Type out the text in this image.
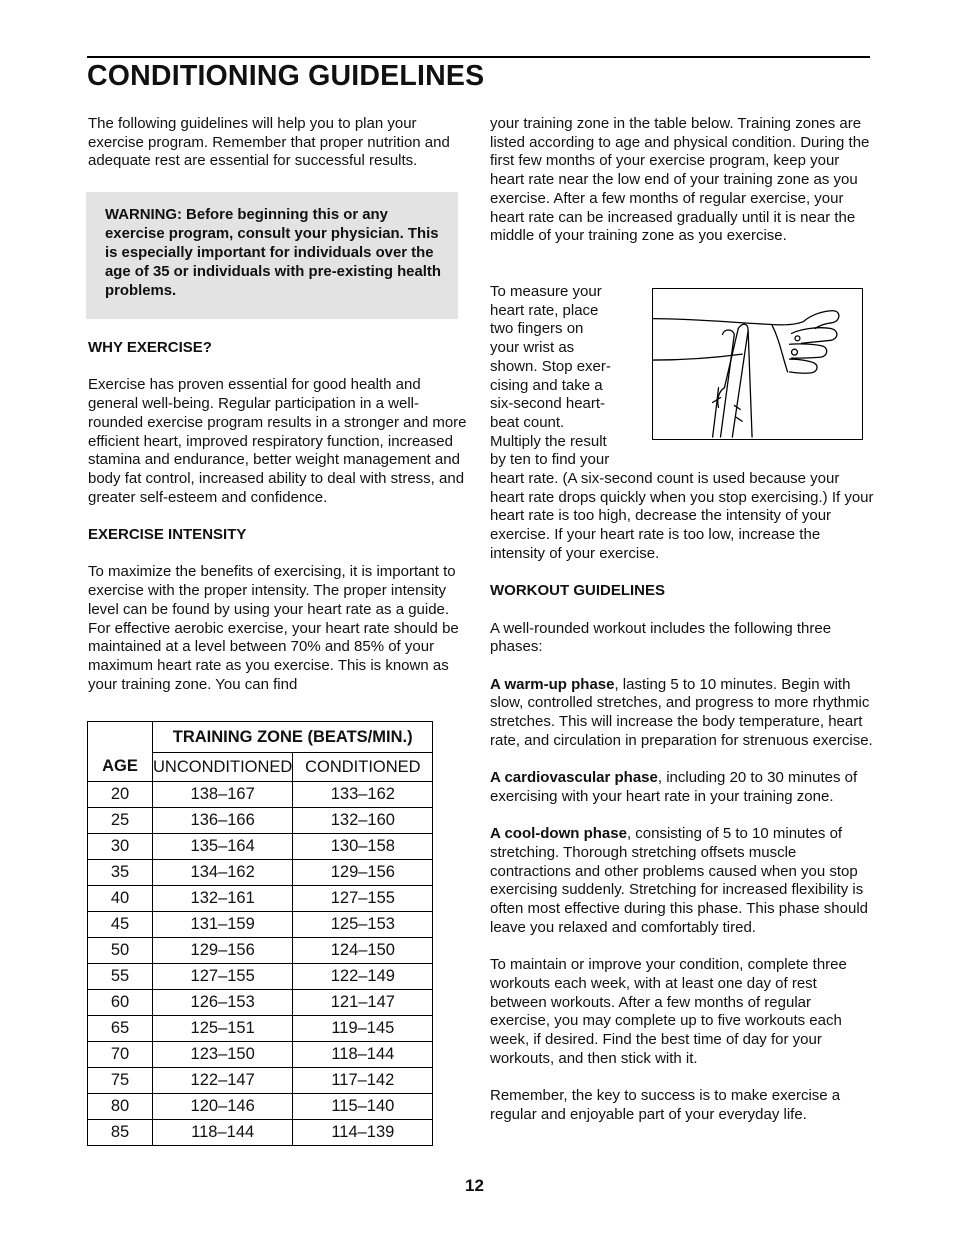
CONDITIONING GUIDELINES

The following guidelines will help you to plan your exercise program. Remember that proper nutrition and adequate rest are essential for successful results.

WARNING: Before beginning this or any exercise program, consult your physician. This is especially important for individuals over the age of 35 or individuals with pre-existing health problems.

WHY EXERCISE?

Exercise has proven essential for good health and general well-being. Regular participation in a well-rounded exercise program results in a stronger and more efficient heart, improved respiratory function, increased stamina and endurance, better weight management and body fat control, increased ability to deal with stress, and greater self-esteem and confidence.

EXERCISE INTENSITY

To maximize the benefits of exercising, it is important to exercise with the proper intensity. The proper intensity level can be found by using your heart rate as a guide. For effective aerobic exercise, your heart rate should be maintained at a level between 70% and 85% of your maximum heart rate as you exercise. This is known as your training zone. You can find

AGE	TRAINING ZONE (BEATS/MIN.)	
	UNCONDITIONED	CONDITIONED
20	138–167	133–162
25	136–166	132–160
30	135–164	130–158
35	134–162	129–156
40	132–161	127–155
45	131–159	125–153
50	129–156	124–150
55	127–155	122–149
60	126–153	121–147
65	125–151	119–145
70	123–150	118–144
75	122–147	117–142
80	120–146	115–140
85	118–144	114–139

your training zone in the table below. Training zones are listed according to age and physical condition. During the first few months of your exercise program, keep your heart rate near the low end of your training zone as you exercise. After a few months of regular exercise, your heart rate can be increased gradually until it is near the middle of your training zone as you exercise.

To measure your

heart rate, place

two fingers on

your wrist as

shown. Stop exer-

cising and take a

six-second heart-

beat count.

Multiply the result

by ten to find your

heart rate. (A six-second count is used because your heart rate drops quickly when you stop exercising.) If your heart rate is too high, decrease the intensity of your exercise. If your heart rate is too low, increase the intensity of your exercise.

WORKOUT GUIDELINES

A well-rounded workout includes the following three phases:

A warm-up phase, lasting 5 to 10 minutes. Begin with slow, controlled stretches, and progress to more rhythmic stretches. This will increase the body temperature, heart rate, and circulation in preparation for strenuous exercise.

A cardiovascular phase, including 20 to 30 minutes of exercising with your heart rate in your training zone.

A cool-down phase, consisting of 5 to 10 minutes of stretching. Thorough stretching offsets muscle contractions and other problems caused when you stop exercising suddenly. Stretching for increased flexibility is often most effective during this phase. This phase should leave you relaxed and comfortably tired.

To maintain or improve your condition, complete three workouts each week, with at least one day of rest between workouts. After a few months of regular exercise, you may complete up to five workouts each week, if desired. Find the best time of day for your workouts, and then stick with it.

Remember, the key to success is to make exercise a regular and enjoyable part of your everyday life.

12
